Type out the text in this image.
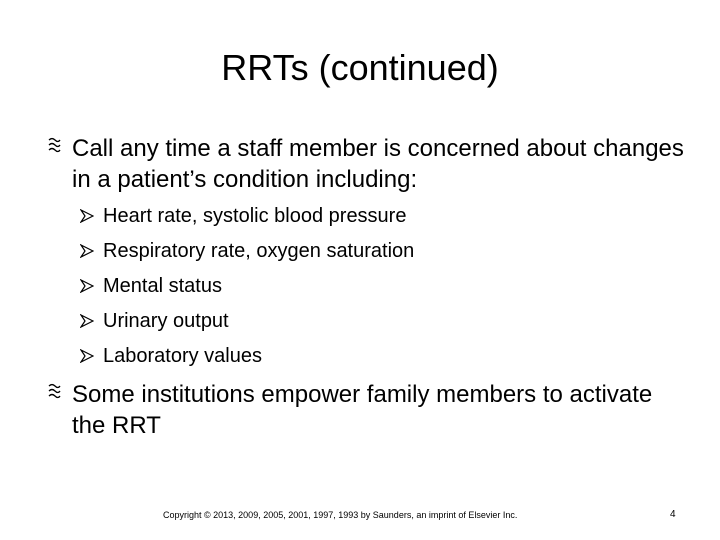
RRTs (continued)
Call any time a staff member is concerned about changes in a patient’s condition including:
Heart rate, systolic blood pressure
Respiratory rate, oxygen saturation
Mental status
Urinary output
Laboratory values
Some institutions empower family members to activate the RRT
Copyright © 2013, 2009, 2005, 2001, 1997, 1993 by Saunders, an imprint of Elsevier Inc.	4
